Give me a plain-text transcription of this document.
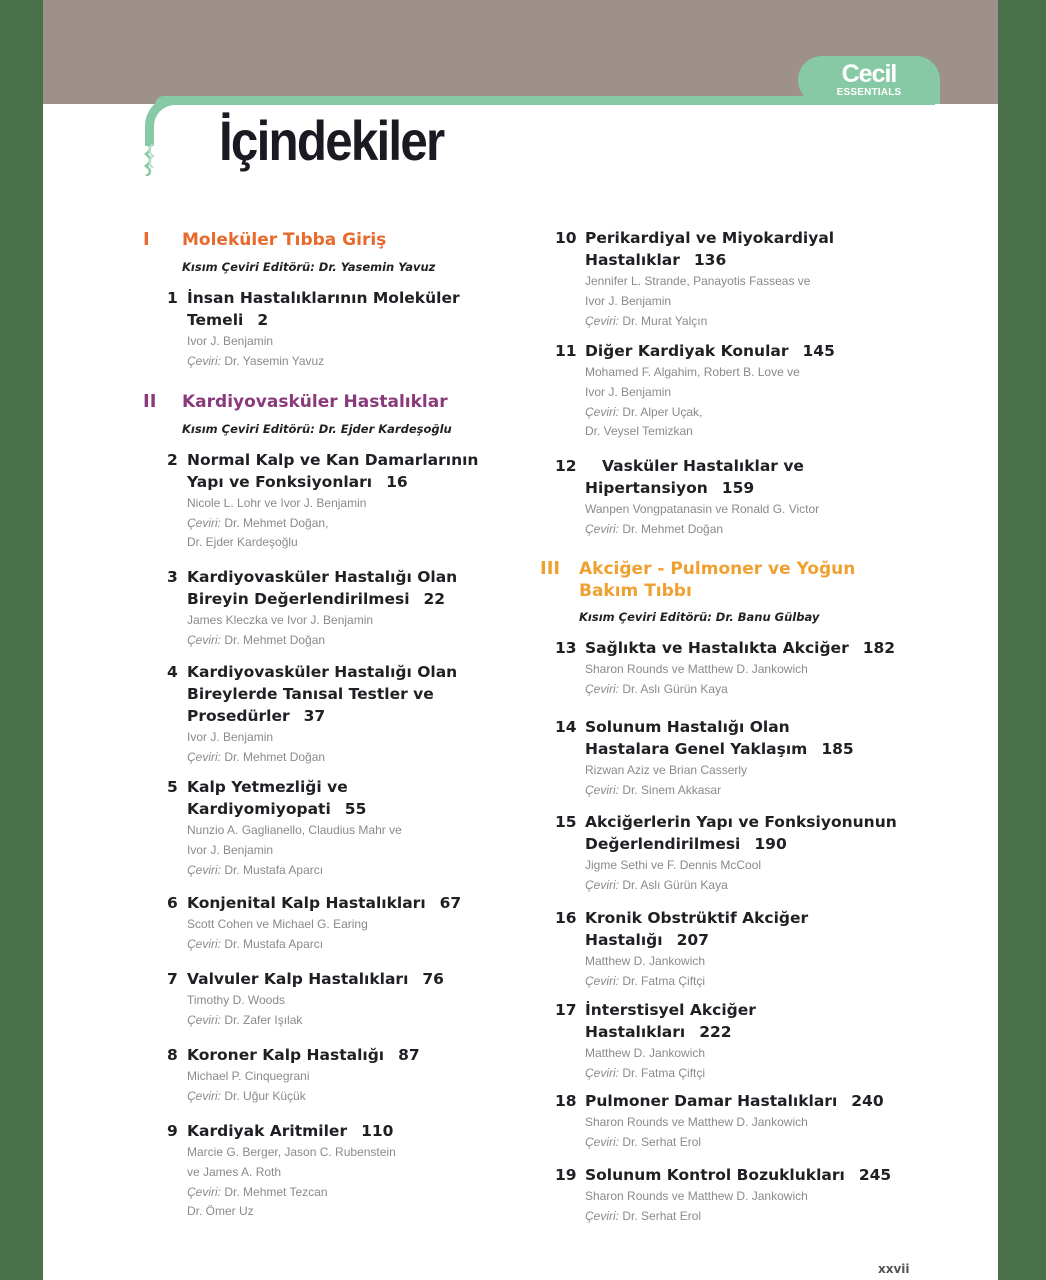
Cecil
ESSENTIALS
İçindekiler
I Moleküler Tıbba Giriş
Kısım Çeviri Editörü: Dr. Yasemin Yavuz
II Kardiyovasküler Hastalıklar
Kısım Çeviri Editörü: Dr. Ejder Kardeşoğlu
III Akciğer - Pulmoner ve Yoğun
Bakım Tıbbı
Kısım Çeviri Editörü: Dr. Banu Gülbay
1 İnsan Hastalıklarının Moleküler
Temeli 2
Ivor J. Benjamin
Çeviri: Dr. Yasemin Yavuz
2 Normal Kalp ve Kan Damarlarının
Yapı ve Fonksiyonları 16
Nicole L. Lohr ve Ivor J. Benjamin
Çeviri: Dr. Mehmet Doğan,
Dr. Ejder Kardeşoğlu
3 Kardiyovasküler Hastalığı Olan
Bireyin Değerlendirilmesi 22
James Kleczka ve Ivor J. Benjamin
Çeviri: Dr. Mehmet Doğan
4 Kardiyovasküler Hastalığı Olan
Bireylerde Tanısal Testler ve
Prosedürler 37
Ivor J. Benjamin
Çeviri: Dr. Mehmet Doğan
5 Kalp Yetmezliği ve
Kardiyomiyopati 55
Nunzio A. Gaglianello, Claudius Mahr ve
Ivor J. Benjamin
Çeviri: Dr. Mustafa Aparcı
6 Konjenital Kalp Hastalıkları 67
Scott Cohen ve Michael G. Earing
Çeviri: Dr. Mustafa Aparcı
7 Valvuler Kalp Hastalıkları 76
Timothy D. Woods
Çeviri: Dr. Zafer Işılak
8 Koroner Kalp Hastalığı 87
Michael P. Cinquegrani
Çeviri: Dr. Uğur Küçük
9 Kardiyak Aritmiler 110
Marcie G. Berger, Jason C. Rubenstein
ve James A. Roth
Çeviri: Dr. Mehmet Tezcan
Dr. Ömer Uz
10 Perikardiyal ve Miyokardiyal
Hastalıklar 136
Jennifer L. Strande, Panayotis Fasseas ve
Ivor J. Benjamin
Çeviri: Dr. Murat Yalçın
11 Diğer Kardiyak Konular 145
Mohamed F. Algahim, Robert B. Love ve
Ivor J. Benjamin
Çeviri: Dr. Alper Uçak,
Dr. Veysel Temizkan
12 Vasküler Hastalıklar ve
Hipertansiyon 159
Wanpen Vongpatanasin ve Ronald G. Victor
Çeviri: Dr. Mehmet Doğan
13 Sağlıkta ve Hastalıkta Akciğer 182
Sharon Rounds ve Matthew D. Jankowich
Çeviri: Dr. Aslı Gürün Kaya
14 Solunum Hastalığı Olan
Hastalara Genel Yaklaşım 185
Rizwan Aziz ve Brian Casserly
Çeviri: Dr. Sinem Akkasar
15 Akciğerlerin Yapı ve Fonksiyonunun
Değerlendirilmesi 190
Jigme Sethi ve F. Dennis McCool
Çeviri: Dr. Aslı Gürün Kaya
16 Kronik Obstrüktif Akciğer
Hastalığı 207
Matthew D. Jankowich
Çeviri: Dr. Fatma Çiftçi
17 İnterstisyel Akciğer
Hastalıkları 222
Matthew D. Jankowich
Çeviri: Dr. Fatma Çiftçi
18 Pulmoner Damar Hastalıkları 240
Sharon Rounds ve Matthew D. Jankowich
Çeviri: Dr. Serhat Erol
19 Solunum Kontrol Bozuklukları 245
Sharon Rounds ve Matthew D. Jankowich
Çeviri: Dr. Serhat Erol
xxvii
